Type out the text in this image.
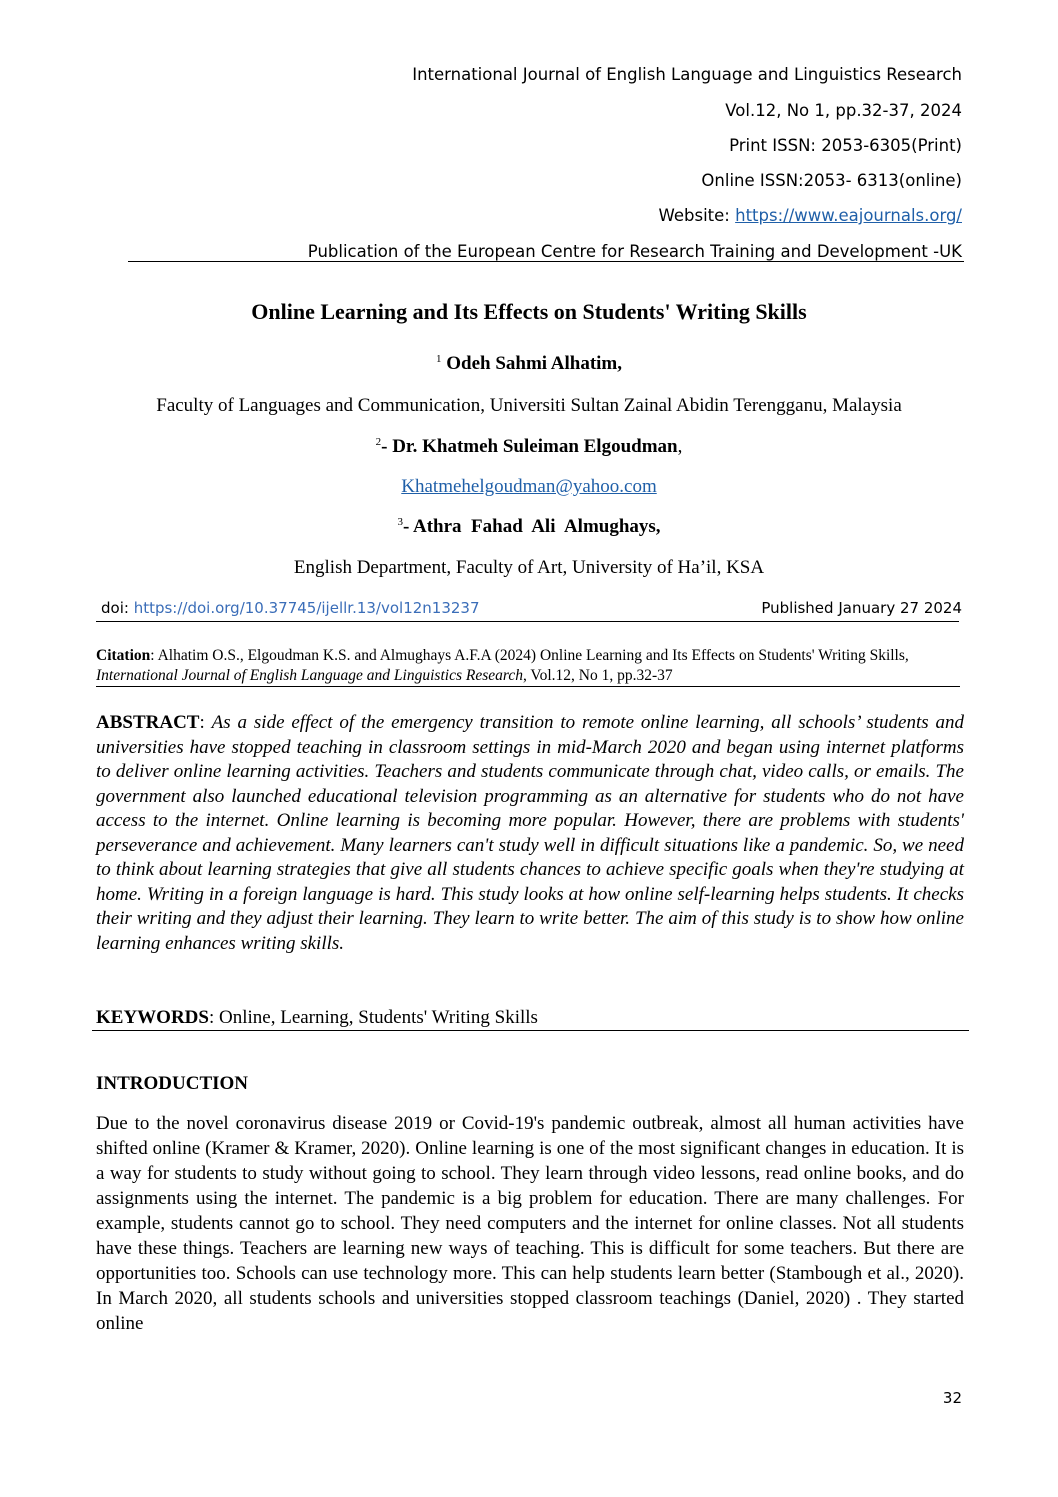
International Journal of English Language and Linguistics Research
Vol.12, No 1, pp.32-37, 2024
Print ISSN: 2053-6305(Print)
Online ISSN:2053- 6313(online)
Website: https://www.eajournals.org/
Publication of the European Centre for Research Training and Development -UK
Online Learning and Its Effects on Students' Writing Skills
$^1$ Odeh Sahmi Alhatim,
Faculty of Languages and Communication, Universiti Sultan Zainal Abidin Terengganu, Malaysia
$^2$- Dr. Khatmeh Suleiman Elgoudman,
Khatmehelgoudman@yahoo.com
$^3$- Athra  Fahad  Ali  Almughays,
English Department, Faculty of Art, University of Ha’il, KSA
doi: https://doi.org/10.37745/ijellr.13/vol12n13237	Published January 27 2024
Citation: Alhatim O.S., Elgoudman K.S. and Almughays A.F.A (2024) Online Learning and Its Effects on Students' Writing Skills, International Journal of English Language and Linguistics Research, Vol.12, No 1, pp.32-37
ABSTRACT: As a side effect of the emergency transition to remote online learning, all schools’ students and universities have stopped teaching in classroom settings in mid-March 2020 and began using internet platforms to deliver online learning activities. Teachers and students communicate through chat, video calls, or emails. The government also launched educational television programming as an alternative for students who do not have access to the internet. Online learning is becoming more popular. However, there are problems with students' perseverance and achievement. Many learners can't study well in difficult situations like a pandemic. So, we need to think about learning strategies that give all students chances to achieve specific goals when they're studying at home. Writing in a foreign language is hard. This study looks at how online self-learning helps students. It checks their writing and they adjust their learning. They learn to write better. The aim of this study is to show how online learning enhances writing skills.
KEYWORDS: Online, Learning, Students' Writing Skills
INTRODUCTION
Due to the novel coronavirus disease 2019 or Covid-19's pandemic outbreak, almost all human activities have shifted online (Kramer & Kramer, 2020). Online learning is one of the most significant changes in education. It is a way for students to study without going to school. They learn through video lessons, read online books, and do assignments using the internet. The pandemic is a big problem for education. There are many challenges. For example, students cannot go to school. They need computers and the internet for online classes. Not all students have these things. Teachers are learning new ways of teaching. This is difficult for some teachers. But there are opportunities too. Schools can use technology more. This can help students learn better (Stambough et al., 2020). In March 2020, all students schools and universities stopped classroom teachings (Daniel, 2020) . They started online
32
